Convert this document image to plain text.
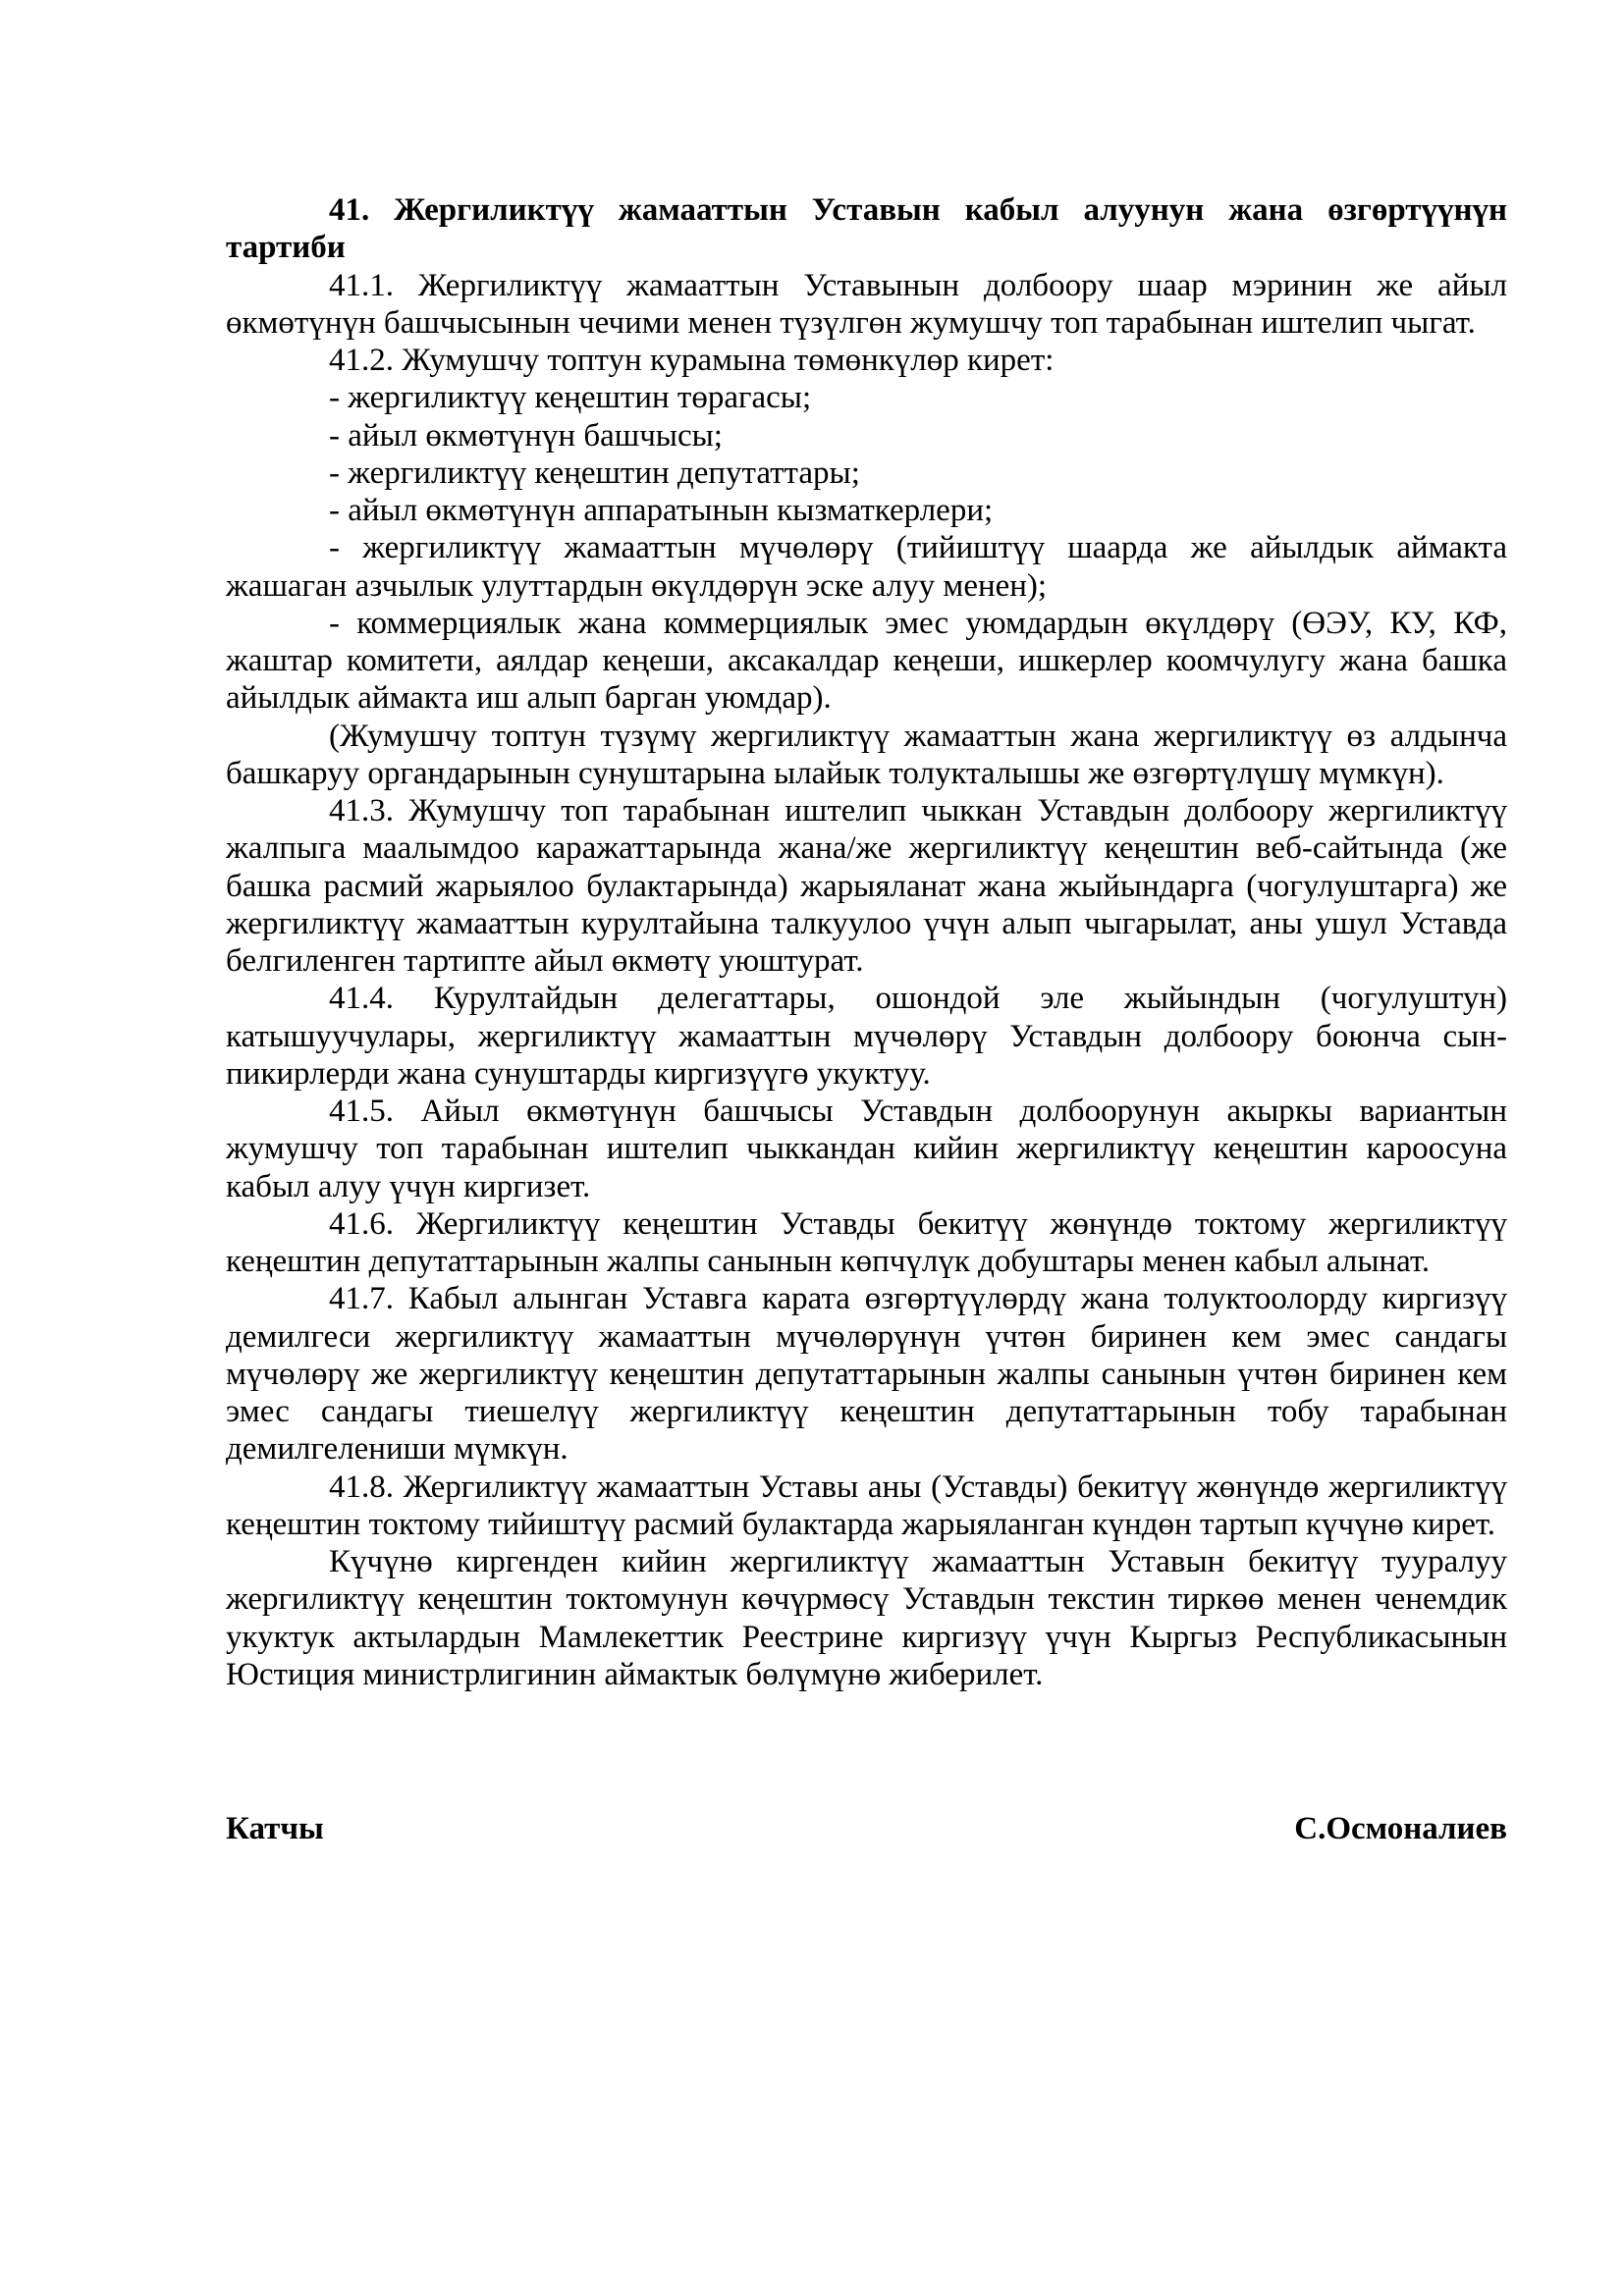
41. Жергиликтүү жамааттын Уставын кабыл алуунун жана өзгөртүүнүн тартиби

41.1. Жергиликтүү жамааттын Уставынын долбоору шаар мэринин же айыл өкмөтүнүн башчысынын чечими менен түзүлгөн жумушчу топ тарабынан иштелип чыгат.

41.2. Жумушчу топтун курамына төмөнкүлөр кирет:

- жергиликтүү кеңештин төрагасы;

- айыл өкмөтүнүн башчысы;

- жергиликтүү кеңештин депутаттары;

- айыл өкмөтүнүн аппаратынын кызматкерлери;

- жергиликтүү жамааттын мүчөлөрү (тийиштүү шаарда же айылдык аймакта жашаган азчылык улуттардын өкүлдөрүн эске алуу менен);

- коммерциялык жана коммерциялык эмес уюмдардын өкүлдөрү (ӨЭУ, КУ, КФ, жаштар комитети, аялдар кеңеши, аксакалдар кеңеши, ишкерлер коомчулугу жана башка айылдык аймакта иш алып барган уюмдар).

(Жумушчу топтун түзүмү жергиликтүү жамааттын жана жергиликтүү өз алдынча башкаруу органдарынын сунуштарына ылайык толукталышы же өзгөртүлүшү мүмкүн).

41.3. Жумушчу топ тарабынан иштелип чыккан Уставдын долбоору жергиликтүү жалпыга маалымдоо каражаттарында жана/же жергиликтүү кеңештин веб-сайтында (же башка расмий жарыялоо булактарында) жарыяланат жана жыйындарга (чогулуштарга) же жергиликтүү жамааттын курултайына талкуулоо үчүн алып чыгарылат, аны ушул Уставда белгиленген тартипте айыл өкмөтү уюштурат.

41.4. Курултайдын делегаттары, ошондой эле жыйындын (чогулуштун) катышуучулары, жергиликтүү жамааттын мүчөлөрү Уставдын долбоору боюнча сын-пикирлерди жана сунуштарды киргизүүгө укуктуу.

41.5. Айыл өкмөтүнүн башчысы Уставдын долбоорунун акыркы вариантын жумушчу топ тарабынан иштелип чыккандан кийин жергиликтүү кеңештин кароосуна кабыл алуу үчүн киргизет.

41.6. Жергиликтүү кеңештин Уставды бекитүү жөнүндө токтому жергиликтүү кеңештин депутаттарынын жалпы санынын көпчүлүк добуштары менен кабыл алынат.

41.7. Кабыл алынган Уставга карата өзгөртүүлөрдү жана толуктоолорду киргизүү демилгеси жергиликтүү жамааттын мүчөлөрүнүн үчтөн биринен кем эмес сандагы мүчөлөрү же жергиликтүү кеңештин депутаттарынын жалпы санынын үчтөн биринен кем эмес сандагы тиешелүү жергиликтүү кеңештин депутаттарынын тобу тарабынан демилгелениши мүмкүн.

41.8. Жергиликтүү жамааттын Уставы аны (Уставды) бекитүү жөнүндө жергиликтүү кеңештин токтому тийиштүү расмий булактарда жарыяланган күндөн тартып күчүнө кирет.

Күчүнө киргенден кийин жергиликтүү жамааттын Уставын бекитүү тууралуу жергиликтүү кеңештин токтомунун көчүрмөсү Уставдын текстин тиркөө менен ченемдик укуктук актылардын Мамлекеттик Реестрине киргизүү үчүн Кыргыз Республикасынын Юстиция министрлигинин аймактык бөлүмүнө жиберилет.

Катчы	С.Осмоналиев
